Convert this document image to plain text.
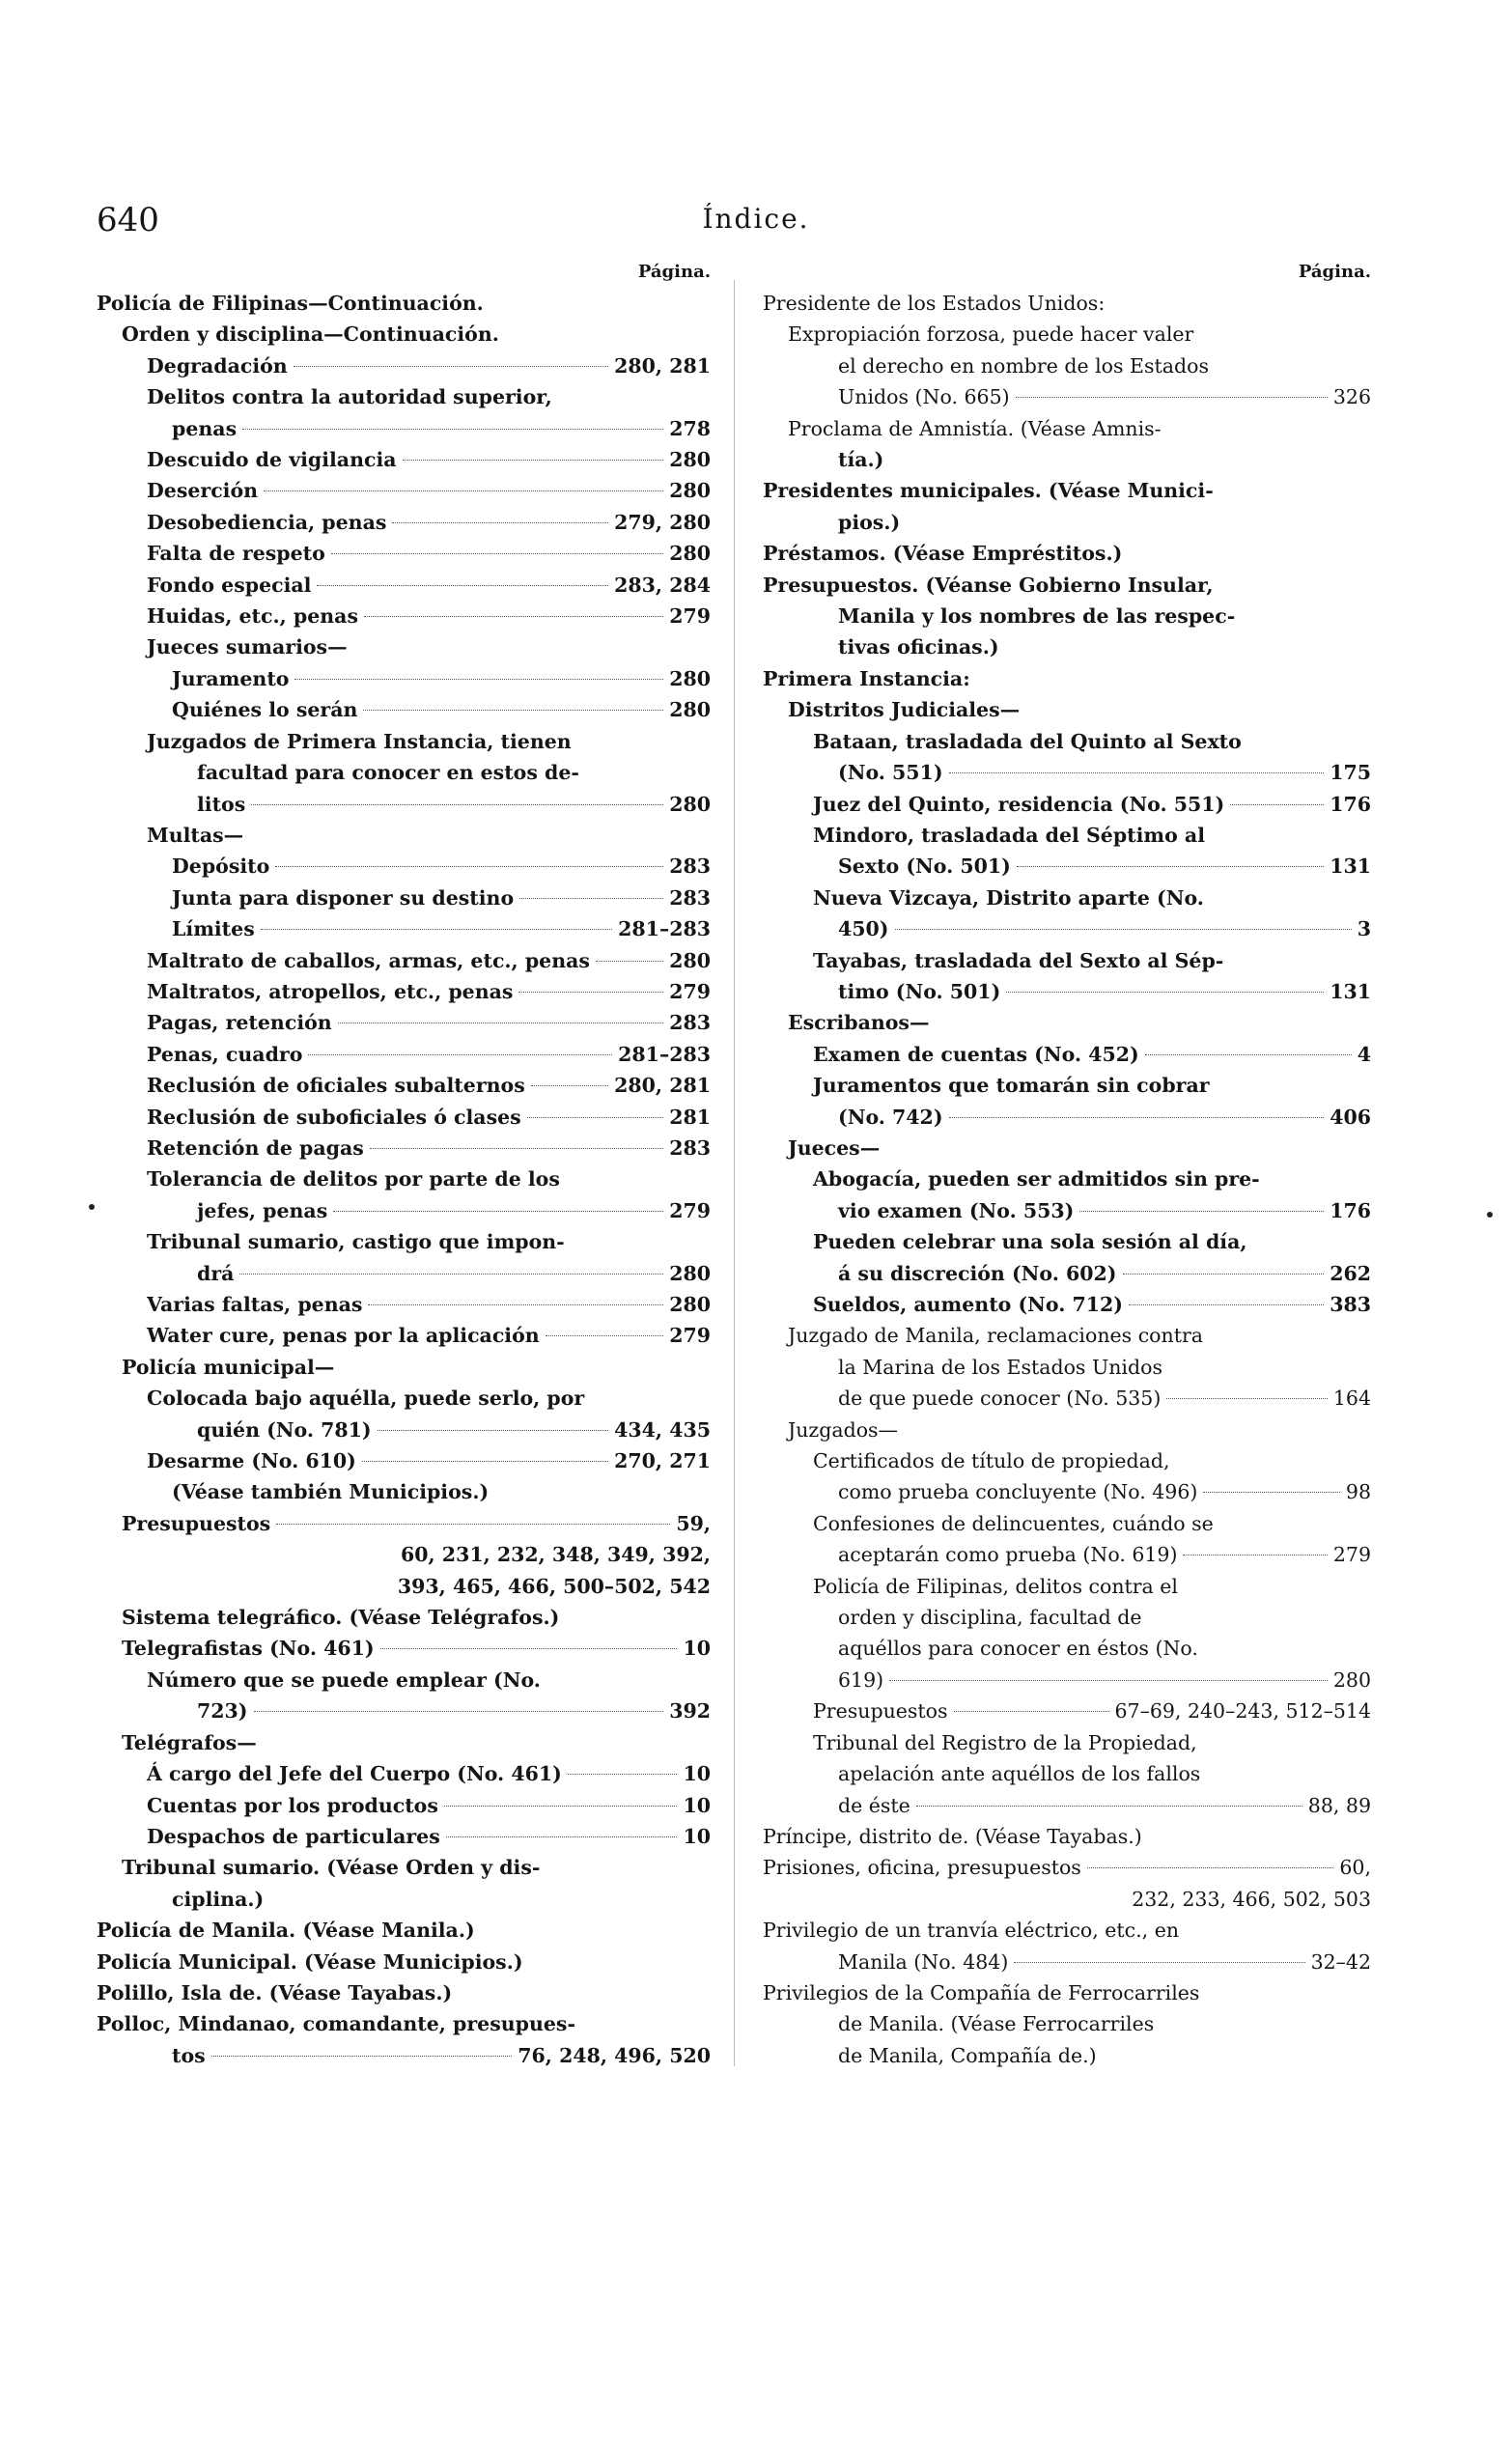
640	Índice.
Página.
Policía de Filipinas—Continuación.
Orden y disciplina—Continuación.
Degradación	280, 281
Delitos contra la autoridad superior,
penas	278
Descuido de vigilancia	280
Deserción	280
Desobediencia, penas	279, 280
Falta de respeto	280
Fondo especial	283, 284
Huidas, etc., penas	279
Jueces sumarios—
Juramento	280
Quiénes lo serán	280
Juzgados de Primera Instancia, tienen
facultad para conocer en estos de-
litos	280
Multas—
Depósito	283
Junta para disponer su destino	283
Límites	281–283
Maltrato de caballos, armas, etc., penas	280
Maltratos, atropellos, etc., penas	279
Pagas, retención	283
Penas, cuadro	281–283
Reclusión de oficiales subalternos	280, 281
Reclusión de suboficiales ó clases	281
Retención de pagas	283
Tolerancia de delitos por parte de los
jefes, penas	279
Tribunal sumario, castigo que impon-
drá	280
Varias faltas, penas	280
Water cure, penas por la aplicación	279
Policía municipal—
Colocada bajo aquélla, puede serlo, por
quién (No. 781)	434, 435
Desarme (No. 610)	270, 271
(Véase también Municipios.)
Presupuestos	59,
60, 231, 232, 348, 349, 392,
393, 465, 466, 500–502, 542
Sistema telegráfico. (Véase Telégrafos.)
Telegrafistas (No. 461)	10
Número que se puede emplear (No.
723)	392
Telégrafos—
Á cargo del Jefe del Cuerpo (No. 461)	10
Cuentas por los productos	10
Despachos de particulares	10
Tribunal sumario. (Véase Orden y dis-
ciplina.)
Policía de Manila. (Véase Manila.)
Policía Municipal. (Véase Municipios.)
Polillo, Isla de. (Véase Tayabas.)
Polloc, Mindanao, comandante, presupues-
tos	76, 248, 496, 520
Página.
Presidente de los Estados Unidos:
Expropiación forzosa, puede hacer valer
el derecho en nombre de los Estados
Unidos (No. 665)	326
Proclama de Amnistía. (Véase Amnis-
tía.)
Presidentes municipales. (Véase Munici-
pios.)
Préstamos. (Véase Empréstitos.)
Presupuestos. (Véanse Gobierno Insular,
Manila y los nombres de las respec-
tivas oficinas.)
Primera Instancia:
Distritos Judiciales—
Bataan, trasladada del Quinto al Sexto
(No. 551)	175
Juez del Quinto, residencia (No. 551)	176
Mindoro, trasladada del Séptimo al
Sexto (No. 501)	131
Nueva Vizcaya, Distrito aparte (No.
450)	3
Tayabas, trasladada del Sexto al Sép-
timo (No. 501)	131
Escribanos—
Examen de cuentas (No. 452)	4
Juramentos que tomarán sin cobrar
(No. 742)	406
Jueces—
Abogacía, pueden ser admitidos sin pre-
vio examen (No. 553)	176
Pueden celebrar una sola sesión al día,
á su discreción (No. 602)	262
Sueldos, aumento (No. 712)	383
Juzgado de Manila, reclamaciones contra
la Marina de los Estados Unidos
de que puede conocer (No. 535)	164
Juzgados—
Certificados de título de propiedad,
como prueba concluyente (No. 496)	98
Confesiones de delincuentes, cuándo se
aceptarán como prueba (No. 619)	279
Policía de Filipinas, delitos contra el
orden y disciplina, facultad de
aquéllos para conocer en éstos (No.
619)	280
Presupuestos	67–69, 240–243, 512–514
Tribunal del Registro de la Propiedad,
apelación ante aquéllos de los fallos
de éste	88, 89
Príncipe, distrito de. (Véase Tayabas.)
Prisiones, oficina, presupuestos	60,
232, 233, 466, 502, 503
Privilegio de un tranvía eléctrico, etc., en
Manila (No. 484)	32–42
Privilegios de la Compañía de Ferrocarriles
de Manila. (Véase Ferrocarriles
de Manila, Compañía de.)
